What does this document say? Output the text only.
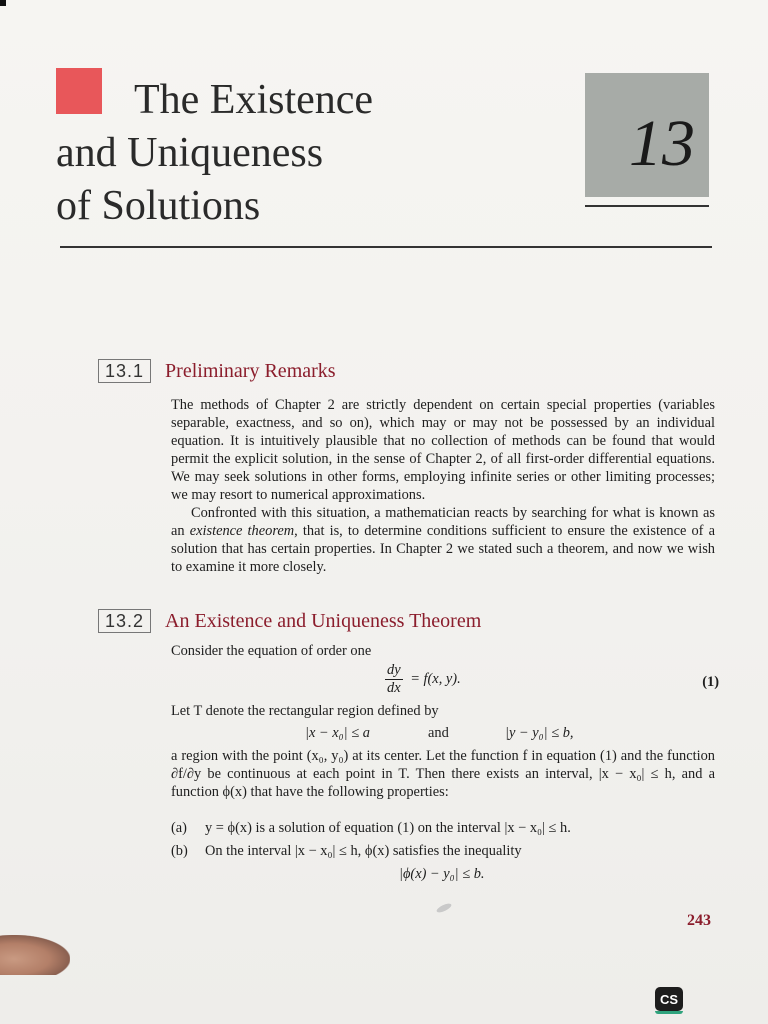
The Existence
and Uniqueness
of Solutions
13
13.1	Preliminary Remarks

The methods of Chapter 2 are strictly dependent on certain special properties (variables separable, exactness, and so on), which may or may not be possessed by an individual equation. It is intuitively plausible that no collection of methods can be found that would permit the explicit solution, in the sense of Chapter 2, of all first-order differential equations. We may seek solutions in other forms, employing infinite series or other limiting processes; we may resort to numerical approximations.

Confronted with this situation, a mathematician reacts by searching for what is known as an existence theorem, that is, to determine conditions sufficient to ensure the existence of a solution that has certain properties. In Chapter 2 we stated such a theorem, and now we wish to examine it more closely.

13.2	An Existence and Uniqueness Theorem
Consider the equation of order one
$\frac{dy}{dx} = f(x$, y).	(1)
Let T denote the rectangular region defined by
|x − x₀| ≤ a	and	|y − y₀| ≤ b,

a region with the point (x₀, y₀) at its center. Let the function f in equation (1) and the function ∂f/∂y be continuous at each point in T. Then there exists an interval, |x − x₀| ≤ h, and a function ϕ(x) that have the following properties:

(a) y = ϕ(x) is a solution of equation (1) on the interval |x − x₀| ≤ h.
(b) On the interval |x − x₀| ≤ h, ϕ(x) satisfies the inequality
|ϕ(x) − y₀| ≤ b.
243
CS
